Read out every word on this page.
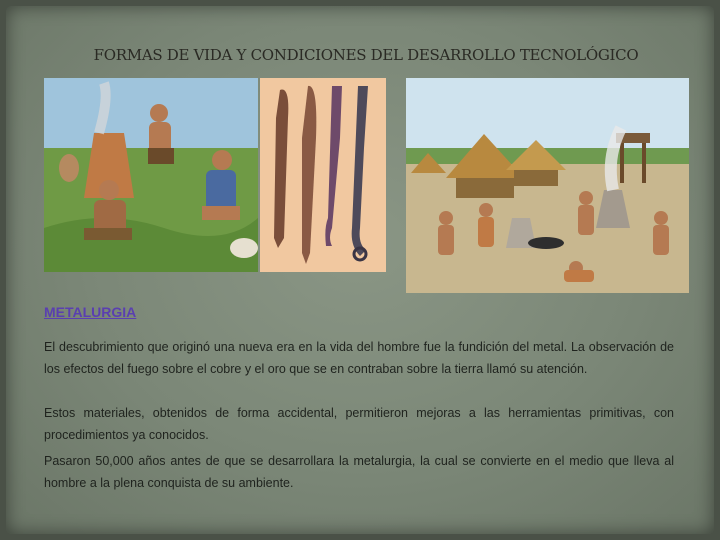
FORMAS DE VIDA Y CONDICIONES DEL DESARROLLO TECNOLÓGICO
METALURGIA

El descubrimiento que originó una nueva era en la vida del hombre fue la fundición del metal. La observación de los efectos del fuego sobre el cobre y el oro que se en contraban sobre la tierra llamó su atención.

Estos materiales, obtenidos de forma accidental, permitieron mejoras a las herramientas primitivas, con procedimientos ya conocidos.

Pasaron 50,000 años antes de que se desarrollara la metalurgia, la cual se convierte en el medio que lleva al hombre a la plena conquista de su ambiente.
